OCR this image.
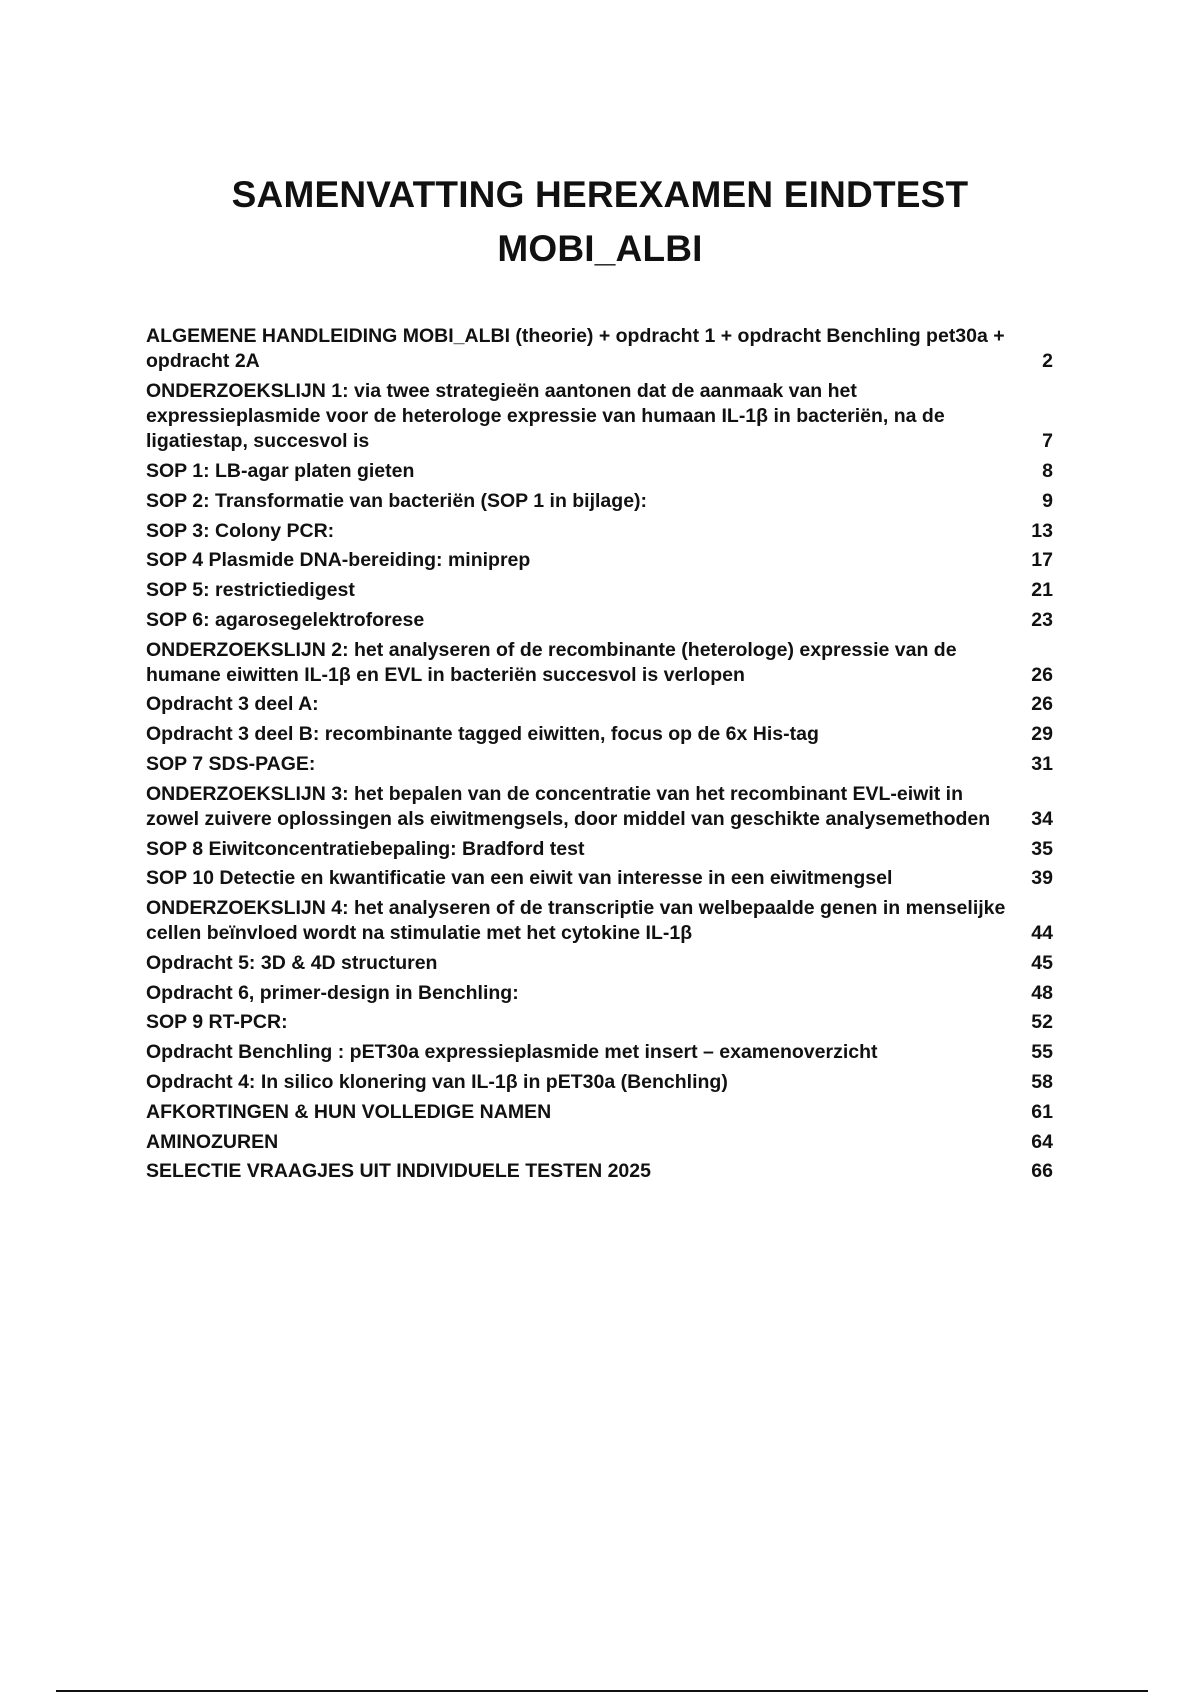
SAMENVATTING HEREXAMEN EINDTEST
MOBI_ALBI
ALGEMENE HANDLEIDING MOBI_ALBI (theorie) + opdracht 1 + opdracht Benchling pet30a + opdracht 2A	2
ONDERZOEKSLIJN 1: via twee strategieën aantonen dat de aanmaak van het expressieplasmide voor de heterologe expressie van humaan IL-1β in bacteriën, na de ligatiestap, succesvol is	7
SOP 1: LB-agar platen gieten	8
SOP 2: Transformatie van bacteriën (SOP 1 in bijlage):	9
SOP 3: Colony PCR:	13
SOP 4 Plasmide DNA-bereiding: miniprep	17
SOP 5: restrictiedigest	21
SOP 6: agarosegelektroforese	23
ONDERZOEKSLIJN 2: het analyseren of de recombinante (heterologe) expressie van de humane eiwitten IL-1β en EVL in bacteriën succesvol is verlopen	26
Opdracht 3 deel A:	26
Opdracht 3 deel B: recombinante tagged eiwitten, focus op de 6x His-tag	29
SOP 7 SDS-PAGE:	31
ONDERZOEKSLIJN 3: het bepalen van de concentratie van het recombinant EVL-eiwit in zowel zuivere oplossingen als eiwitmengsels, door middel van geschikte analysemethoden	34
SOP 8 Eiwitconcentratiebepaling: Bradford test	35
SOP 10 Detectie en kwantificatie van een eiwit van interesse in een eiwitmengsel	39
ONDERZOEKSLIJN 4: het analyseren of de transcriptie van welbepaalde genen in menselijke cellen beïnvloed wordt na stimulatie met het cytokine IL-1β	44
Opdracht 5: 3D & 4D structuren	45
Opdracht 6, primer-design in Benchling:	48
SOP 9 RT-PCR:	52
Opdracht Benchling : pET30a expressieplasmide met insert – examenoverzicht	55
Opdracht 4: In silico klonering van IL-1β in pET30a (Benchling)	58
AFKORTINGEN & HUN VOLLEDIGE NAMEN	61
AMINOZUREN	64
SELECTIE VRAAGJES UIT INDIVIDUELE TESTEN 2025	66
